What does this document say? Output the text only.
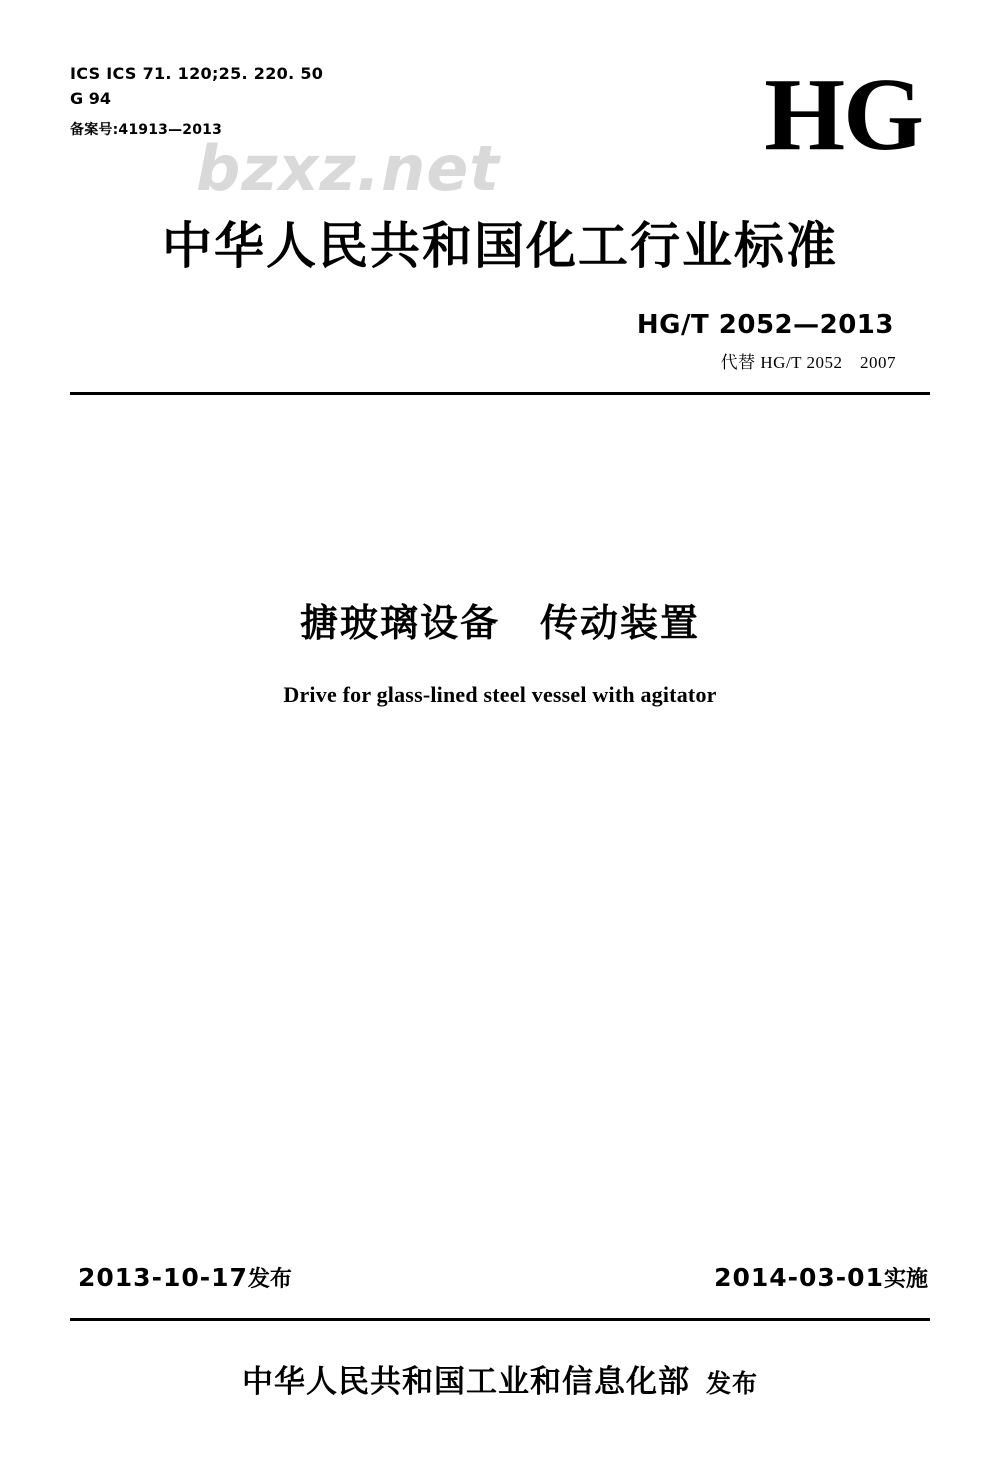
ICS ICS 71. 120;25. 220. 50
G 94
备案号:41913—2013	HG
bzxz.net
中华人民共和国化工行业标准
HG/T 2052—2013
代替 HG/T 2052　2007
搪玻璃设备　传动装置
Drive for glass-lined steel vessel with agitator
2013-10-17发布	2014-03-01实施
中华人民共和国工业和信息化部 发布
